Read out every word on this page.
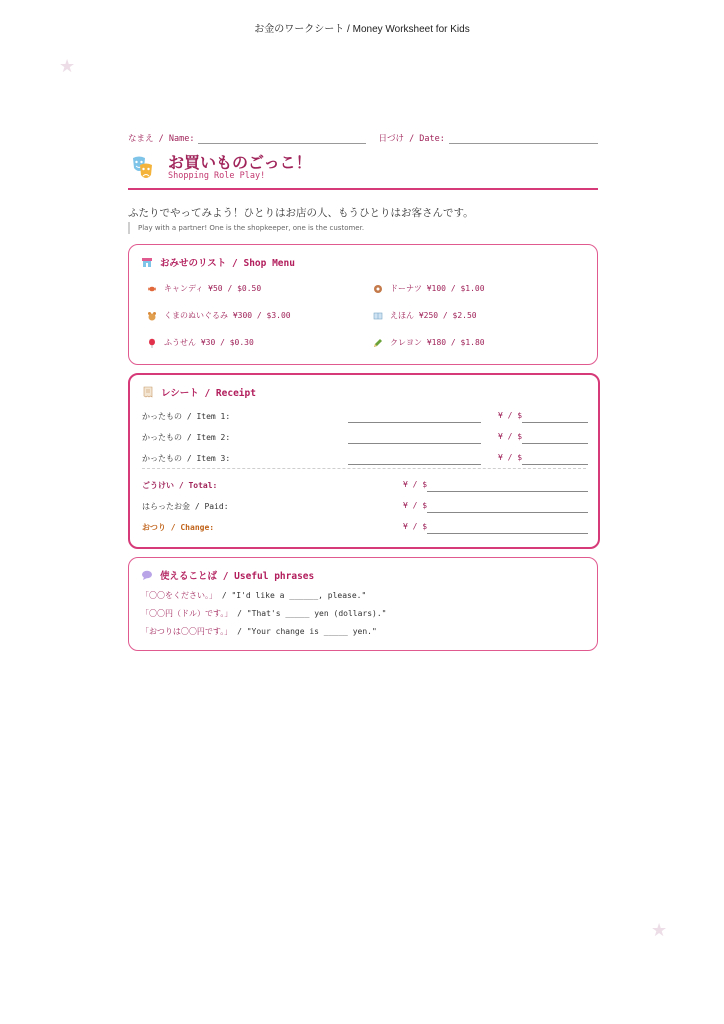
お金のワークシート / Money Worksheet for Kids
★
★
なまえ / Name:	日づけ / Date:
お買いものごっこ！
Shopping Role Play!
ふたりでやってみよう！ひとりはお店の人、もうひとりはお客さんです。
Play with a partner! One is the shopkeeper, one is the customer.
おみせのリスト / Shop Menu
キャンディ ¥50 / $0.50	ドーナツ ¥100 / $1.00
くまのぬいぐるみ ¥300 / $3.00	えほん ¥250 / $2.50
ふうせん ¥30 / $0.30	クレヨン ¥180 / $1.80
レシート / Receipt
かったもの / Item 1:	¥ / $
かったもの / Item 2:	¥ / $
かったもの / Item 3:	¥ / $
ごうけい / Total:	¥ / $
はらったお金 / Paid:	¥ / $
おつり / Change:	¥ / $
使えることば / Useful phrases
「〇〇をください。」 / "I'd like a ______, please."
「〇〇円（ドル）です。」 / "That's _____ yen (dollars)."
「おつりは〇〇円です。」 / "Your change is _____ yen."
